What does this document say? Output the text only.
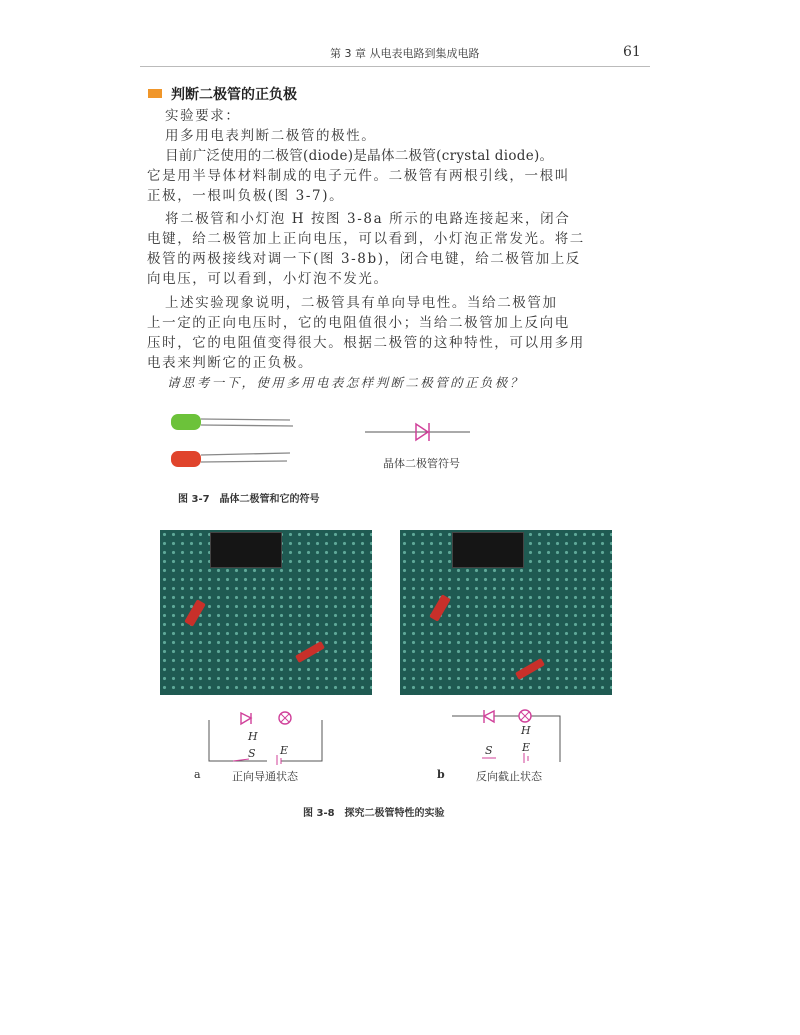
第 3 章 从电表电路到集成电路	61
判断二极管的正负极
实验要求：
用多用电表判断二极管的极性。
目前广泛使用的二极管(diode)是晶体二极管(crystal diode)。
它是用半导体材料制成的电子元件。二极管有两根引线，一根叫
正极，一根叫负极(图 3-7)。
将二极管和小灯泡 H 按图 3-8a 所示的电路连接起来，闭合
电键，给二极管加上正向电压，可以看到，小灯泡正常发光。将二
极管的两极接线对调一下(图 3-8b)，闭合电键，给二极管加上反
向电压，可以看到，小灯泡不发光。
上述实验现象说明，二极管具有单向导电性。当给二极管加
上一定的正向电压时，它的电阻值很小；当给二极管加上反向电
压时，它的电阻值变得很大。根据二极管的这种特性，可以用多用
电表来判断它的正负极。
请思考一下，使用多用电表怎样判断二极管的正负极？
晶体二极管符号
图 3-7　晶体二极管和它的符号
H
S E
a	正向导通状态
H
S	E
b	反向截止状态
图 3-8　探究二极管特性的实验
